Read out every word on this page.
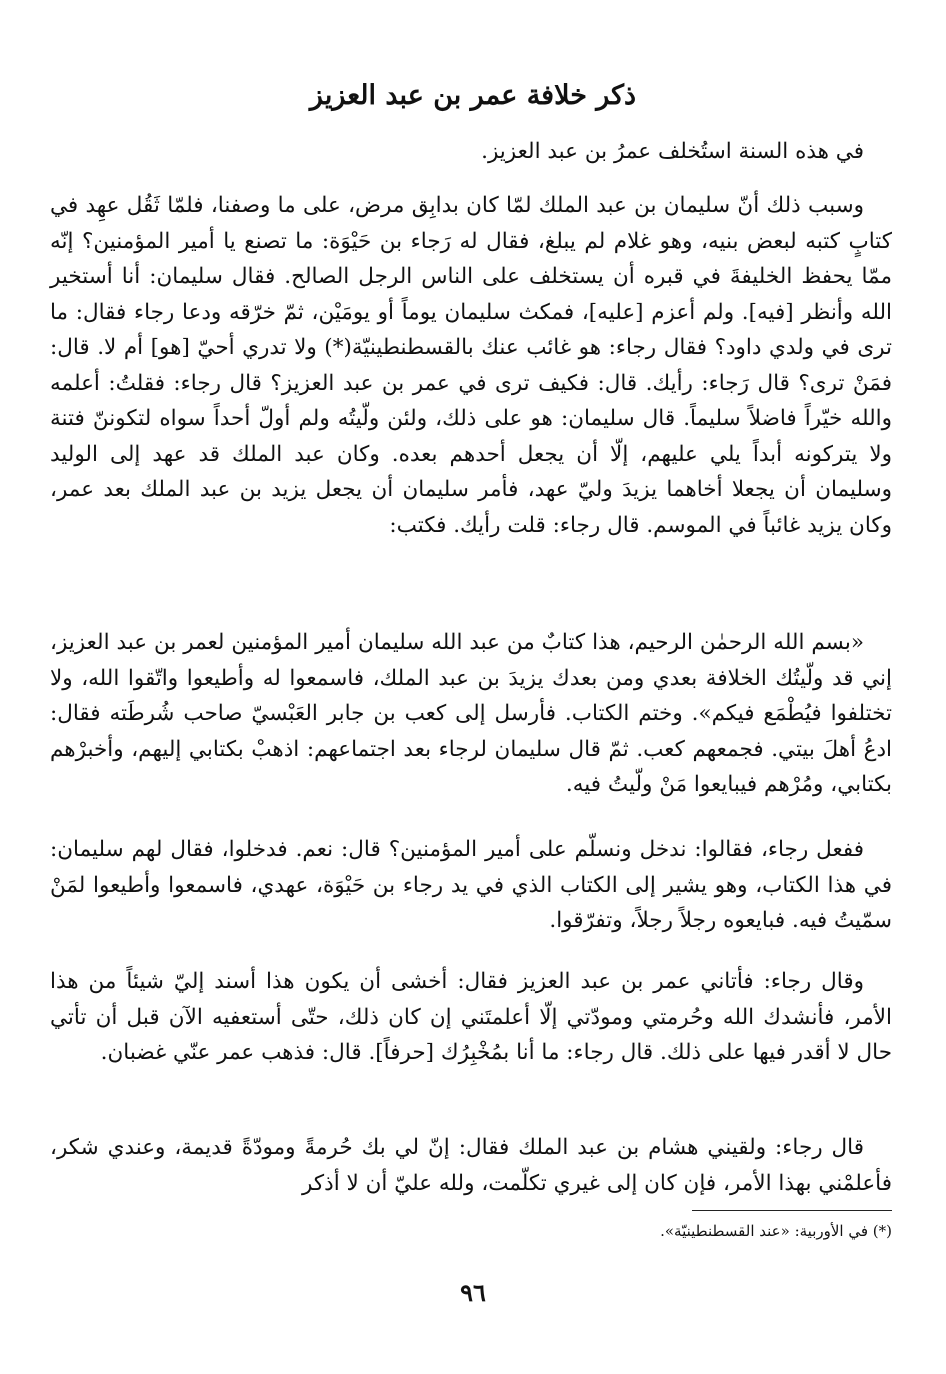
ذكر خلافة عمر بن عبد العزيز

في هذه السنة استُخلف عمرُ بن عبد العزيز.

وسبب ذلك أنّ سليمان بن عبد الملك لمّا كان بدابِق مرض، على ما وصفنا، فلمّا ثَقُل عهِد في كتابٍ كتبه لبعض بنيه، وهو غلام لم يبلغ، فقال له رَجاء بن حَيْوَة: ما تصنع يا أمير المؤمنين؟ إنّه ممّا يحفظ الخليفةَ في قبره أن يستخلف على الناس الرجل الصالح. فقال سليمان: أنا أستخير الله وأنظر [فيه]. ولم أعزم [عليه]، فمكث سليمان يوماً أو يومَيْن، ثمّ خرّقه ودعا رجاء فقال: ما ترى في ولدي داود؟ فقال رجاء: هو غائب عنك بالقسطنطينيّة(*) ولا تدري أحيّ [هو] أم لا. قال: فمَنْ ترى؟ قال رَجاء: رأيك. قال: فكيف ترى في عمر بن عبد العزيز؟ قال رجاء: فقلتُ: أعلمه والله خيّراً فاضلاً سليماً. قال سليمان: هو على ذلك، ولئن ولّيتُه ولم أولّ أحداً سواه لتكوننّ فتنة ولا يتركونه أبداً يلي عليهم، إلّا أن يجعل أحدهم بعده. وكان عبد الملك قد عهد إلى الوليد وسليمان أن يجعلا أخاهما يزيدَ وليّ عهد، فأمر سليمان أن يجعل يزيد بن عبد الملك بعد عمر، وكان يزيد غائباً في الموسم. قال رجاء: قلت رأيك. فكتب:

«بسم الله الرحمٰن الرحيم، هذا كتابٌ من عبد الله سليمان أمير المؤمنين لعمر بن عبد العزيز، إني قد ولّيتُك الخلافة بعدي ومن بعدك يزيدَ بن عبد الملك، فاسمعوا له وأطيعوا واتّقوا الله، ولا تختلفوا فيُطْمَع فيكم». وختم الكتاب. فأرسل إلى كعب بن جابر العَبْسيّ صاحب شُرطَته فقال: ادعُ أهلَ بيتي. فجمعهم كعب. ثمّ قال سليمان لرجاء بعد اجتماعهم: اذهبْ بكتابي إليهم، وأخبرْهم بكتابي، ومُرْهم فيبايعوا مَنْ ولّيتُ فيه.

ففعل رجاء، فقالوا: ندخل ونسلّم على أمير المؤمنين؟ قال: نعم. فدخلوا، فقال لهم سليمان: في هذا الكتاب، وهو يشير إلى الكتاب الذي في يد رجاء بن حَيْوَة، عهدي، فاسمعوا وأطيعوا لمَنْ سمّيتُ فيه. فبايعوه رجلاً رجلاً، وتفرّقوا.

وقال رجاء: فأتاني عمر بن عبد العزيز فقال: أخشى أن يكون هذا أسند إليّ شيئاً من هذا الأمر، فأنشدك الله وحُرمتي ومودّتي إلّا أعلمتَني إن كان ذلك، حتّى أستعفيه الآن قبل أن تأتي حال لا أقدر فيها على ذلك. قال رجاء: ما أنا بمُخْبِرُك [حرفاً]. قال: فذهب عمر عنّي غضبان.

قال رجاء: ولقيني هشام بن عبد الملك فقال: إنّ لي بك حُرمةً ومودّةً قديمة، وعندي شكر، فأعلمْني بهذا الأمر، فإن كان إلى غيري تكلّمت، ولله عليّ أن لا أذكر

(*) في الأوربية: «عند القسطنطينيّة».

٩٦
